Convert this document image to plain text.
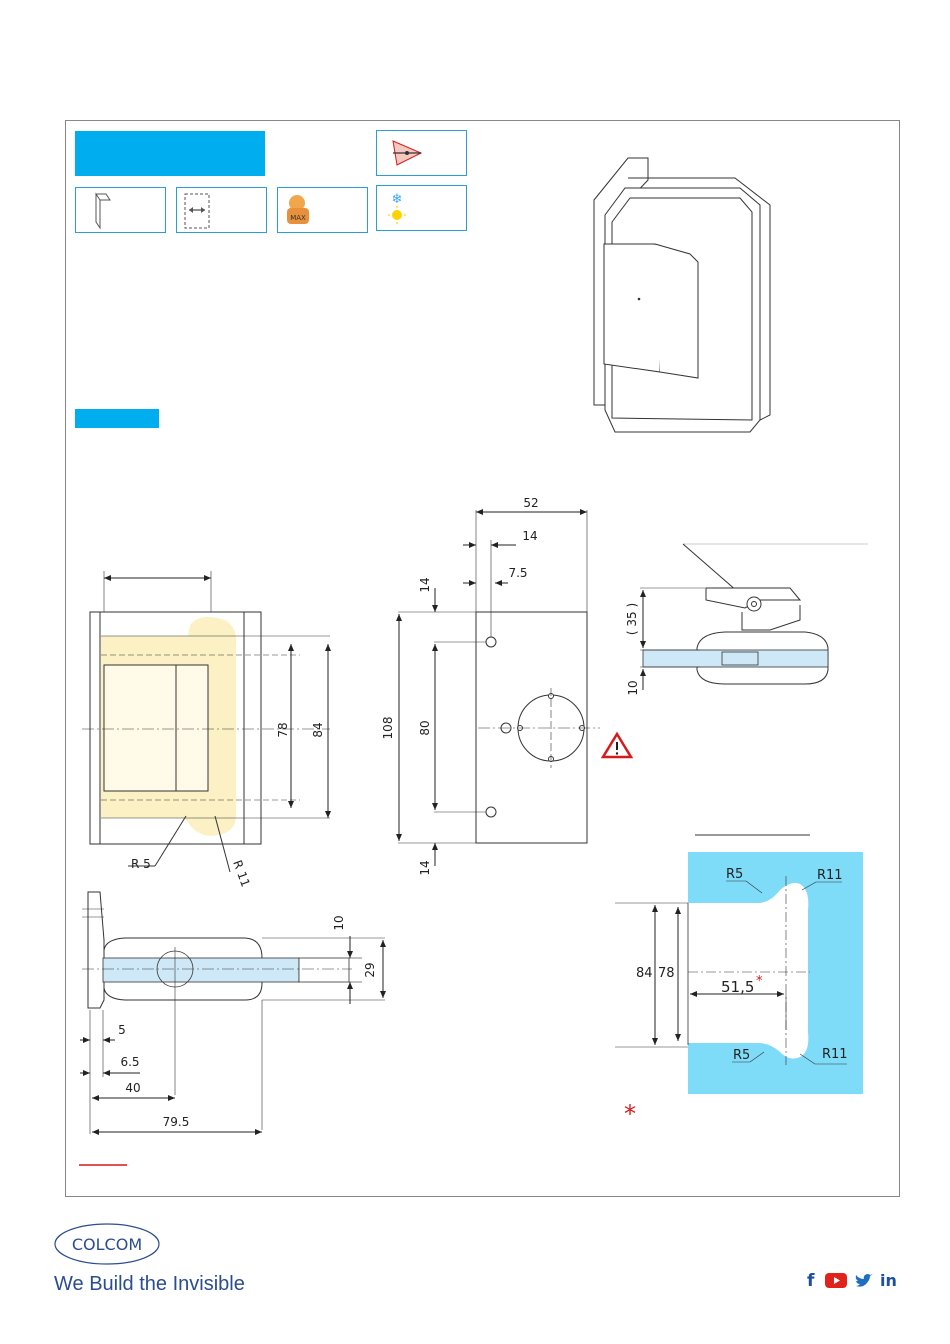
MAX
❄
78 84
R 5	R 11
52
14
7.5
14
108 80
14
( 35 )
10
10
29
5
6.5
40
79.5
R5	R11
R5	R11
84 78
51,5 *
*
COLCOM
We Build the Invisible	f	in
